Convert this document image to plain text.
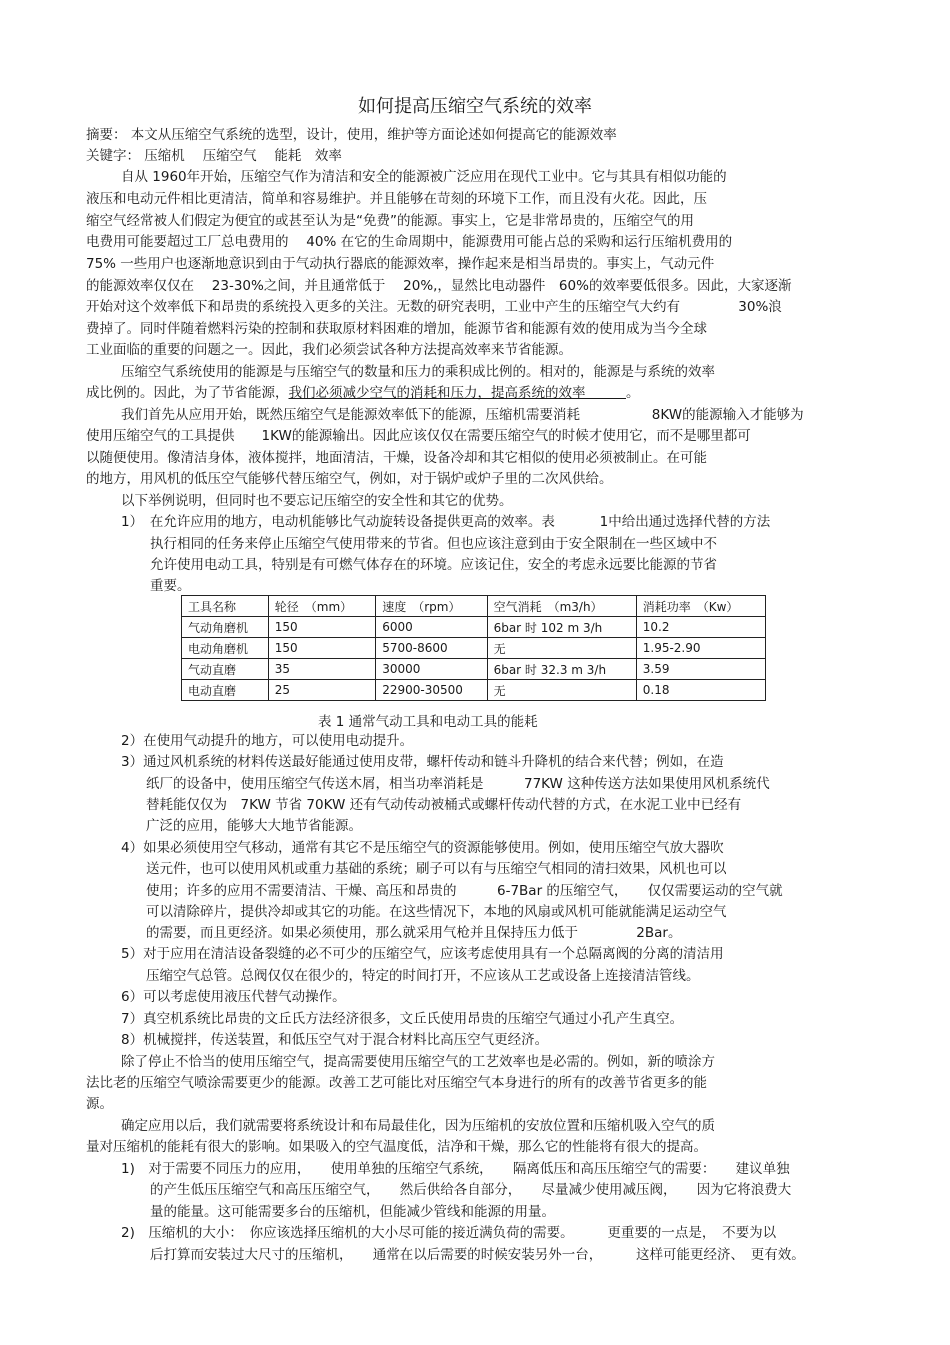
如何提高压缩空气系统的效率
摘要： 本文从压缩空气系统的选型，设计，使用，维护等方面论述如何提高它的能源效率
关键字： 压缩机　 压缩空气　 能耗　效率
自从 1960年开始，压缩空气作为清洁和安全的能源被广泛应用在现代工业中。它与其具有相似功能的
液压和电动元件相比更清洁，简单和容易维护。并且能够在苛刻的环境下工作，而且没有火花。因此，压
缩空气经常被人们假定为便宜的或甚至认为是“免费”的能源。事实上，它是非常昂贵的，压缩空气的用
电费用可能要超过工厂总电费用的　 40% 在它的生命周期中，能源费用可能占总的采购和运行压缩机费用的
75% 一些用户也逐渐地意识到由于气动执行器底的能源效率，操作起来是相当昂贵的。事实上，气动元件
的能源效率仅仅在　 23-30%之间，并且通常低于　 20%,，显然比电动器件　60%的效率要低很多。因此，大家逐渐
开始对这个效率低下和昂贵的系统投入更多的关注。无数的研究表明，工业中产生的压缩空气大约有　　　　 30%浪
费掉了。同时伴随着燃料污染的控制和获取原材料困难的增加，能源节省和能源有效的使用成为当今全球
工业面临的重要的问题之一。因此，我们必须尝试各种方法提高效率来节省能源。
压缩空气系统使用的能源是与压缩空气的数量和压力的乘积成比例的。相对的，能源是与系统的效率
成比例的。因此，为了节省能源，我们必须减少空气的消耗和压力，提高系统的效率　　　。
我们首先从应用开始，既然压缩空气是能源效率低下的能源，压缩机需要消耗　　　　　 8KW的能源输入才能够为
使用压缩空气的工具提供　　1KW的能源输出。因此应该仅仅在需要压缩空气的时候才使用它，而不是哪里都可
以随便使用。像清洁身体，液体搅拌，地面清洁，干燥，设备冷却和其它相似的使用必须被制止。在可能
的地方，用风机的低压空气能够代替压缩空气，例如，对于锅炉或炉子里的二次风供给。
以下举例说明，但同时也不要忘记压缩空的安全性和其它的优势。
1）　在允许应用的地方，电动机能够比气动旋转设备提供更高的效率。表　　　 1中给出通过选择代替的方法
执行相同的任务来停止压缩空气使用带来的节省。但也应该注意到由于安全限制在一些区域中不
允许使用电动工具，特别是有可燃气体存在的环境。应该记住，安全的考虑永远要比能源的节省
重要。
工具名称	轮径　（mm）	速度　（rpm）	空气消耗　（m3/h）	消耗功率　（Kw）
气动角磨机	150	6000	6bar 时 102 m 3/h	10.2
电动角磨机	150	5700-8600	无	1.95-2.90
气动直磨	35	30000	6bar 时 32.3 m 3/h	3.59
电动直磨	25	22900-30500	无	0.18
表 1 通常气动工具和电动工具的能耗
2）在使用气动提升的地方，可以使用电动提升。
3）通过风机系统的材料传送最好能通过使用皮带，螺杆传动和链斗升降机的结合来代替；例如，在造
纸厂的设备中，使用压缩空气传送木屑，相当功率消耗是　　　77KW 这种传送方法如果使用风机系统代
替耗能仅仅为　7KW 节省 70KW 还有气动传动被桶式或螺杆传动代替的方式，在水泥工业中已经有
广泛的应用，能够大大地节省能源。
4）如果必须使用空气移动，通常有其它不是压缩空气的资源能够使用。例如，使用压缩空气放大器吹
送元件，也可以使用风机或重力基础的系统；刷子可以有与压缩空气相同的清扫效果，风机也可以
使用；许多的应用不需要清洁、干燥、高压和昂贵的　　　6-7Bar 的压缩空气，　　仅仅需要运动的空气就
可以清除碎片，提供冷却或其它的功能。在这些情况下，本地的风扇或风机可能就能满足运动空气
的需要，而且更经济。如果必须使用，那么就采用气枪并且保持压力低于　　　　 2Bar。
5）对于应用在清洁设备裂缝的必不可少的压缩空气，应该考虑使用具有一个总隔离阀的分离的清洁用
压缩空气总管。总阀仅仅在很少的，特定的时间打开，不应该从工艺或设备上连接清洁管线。
6）可以考虑使用液压代替气动操作。
7）真空机系统比昂贵的文丘氏方法经济很多，文丘氏使用昂贵的压缩空气通过小孔产生真空。
8）机械搅拌，传送装置，和低压空气对于混合材料比高压空气更经济。
除了停止不恰当的使用压缩空气，提高需要使用压缩空气的工艺效率也是必需的。例如，新的喷涂方
法比老的压缩空气喷涂需要更少的能源。改善工艺可能比对压缩空气本身进行的所有的改善节省更多的能
源。
确定应用以后，我们就需要将系统设计和布局最佳化，因为压缩机的安放位置和压缩机吸入空气的质
量对压缩机的能耗有很大的影响。如果吸入的空气温度低，洁净和干燥，那么它的性能将有很大的提高。
1)　对于需要不同压力的应用，　　使用单独的压缩空气系统，　　隔离低压和高压压缩空气的需要：　　建议单独
的产生低压压缩空气和高压压缩空气，　　然后供给各自部分，　　尽量减少使用减压阀，　　因为它将浪费大
量的能量。这可能需要多台的压缩机，但能减少管线和能源的用量。
2)　压缩机的大小：　你应该选择压缩机的大小尽可能的接近满负荷的需要。　　　更重要的一点是，　不要为以
后打算而安装过大尺寸的压缩机，　　通常在以后需要的时候安装另外一台，　　　这样可能更经济、　更有效。
